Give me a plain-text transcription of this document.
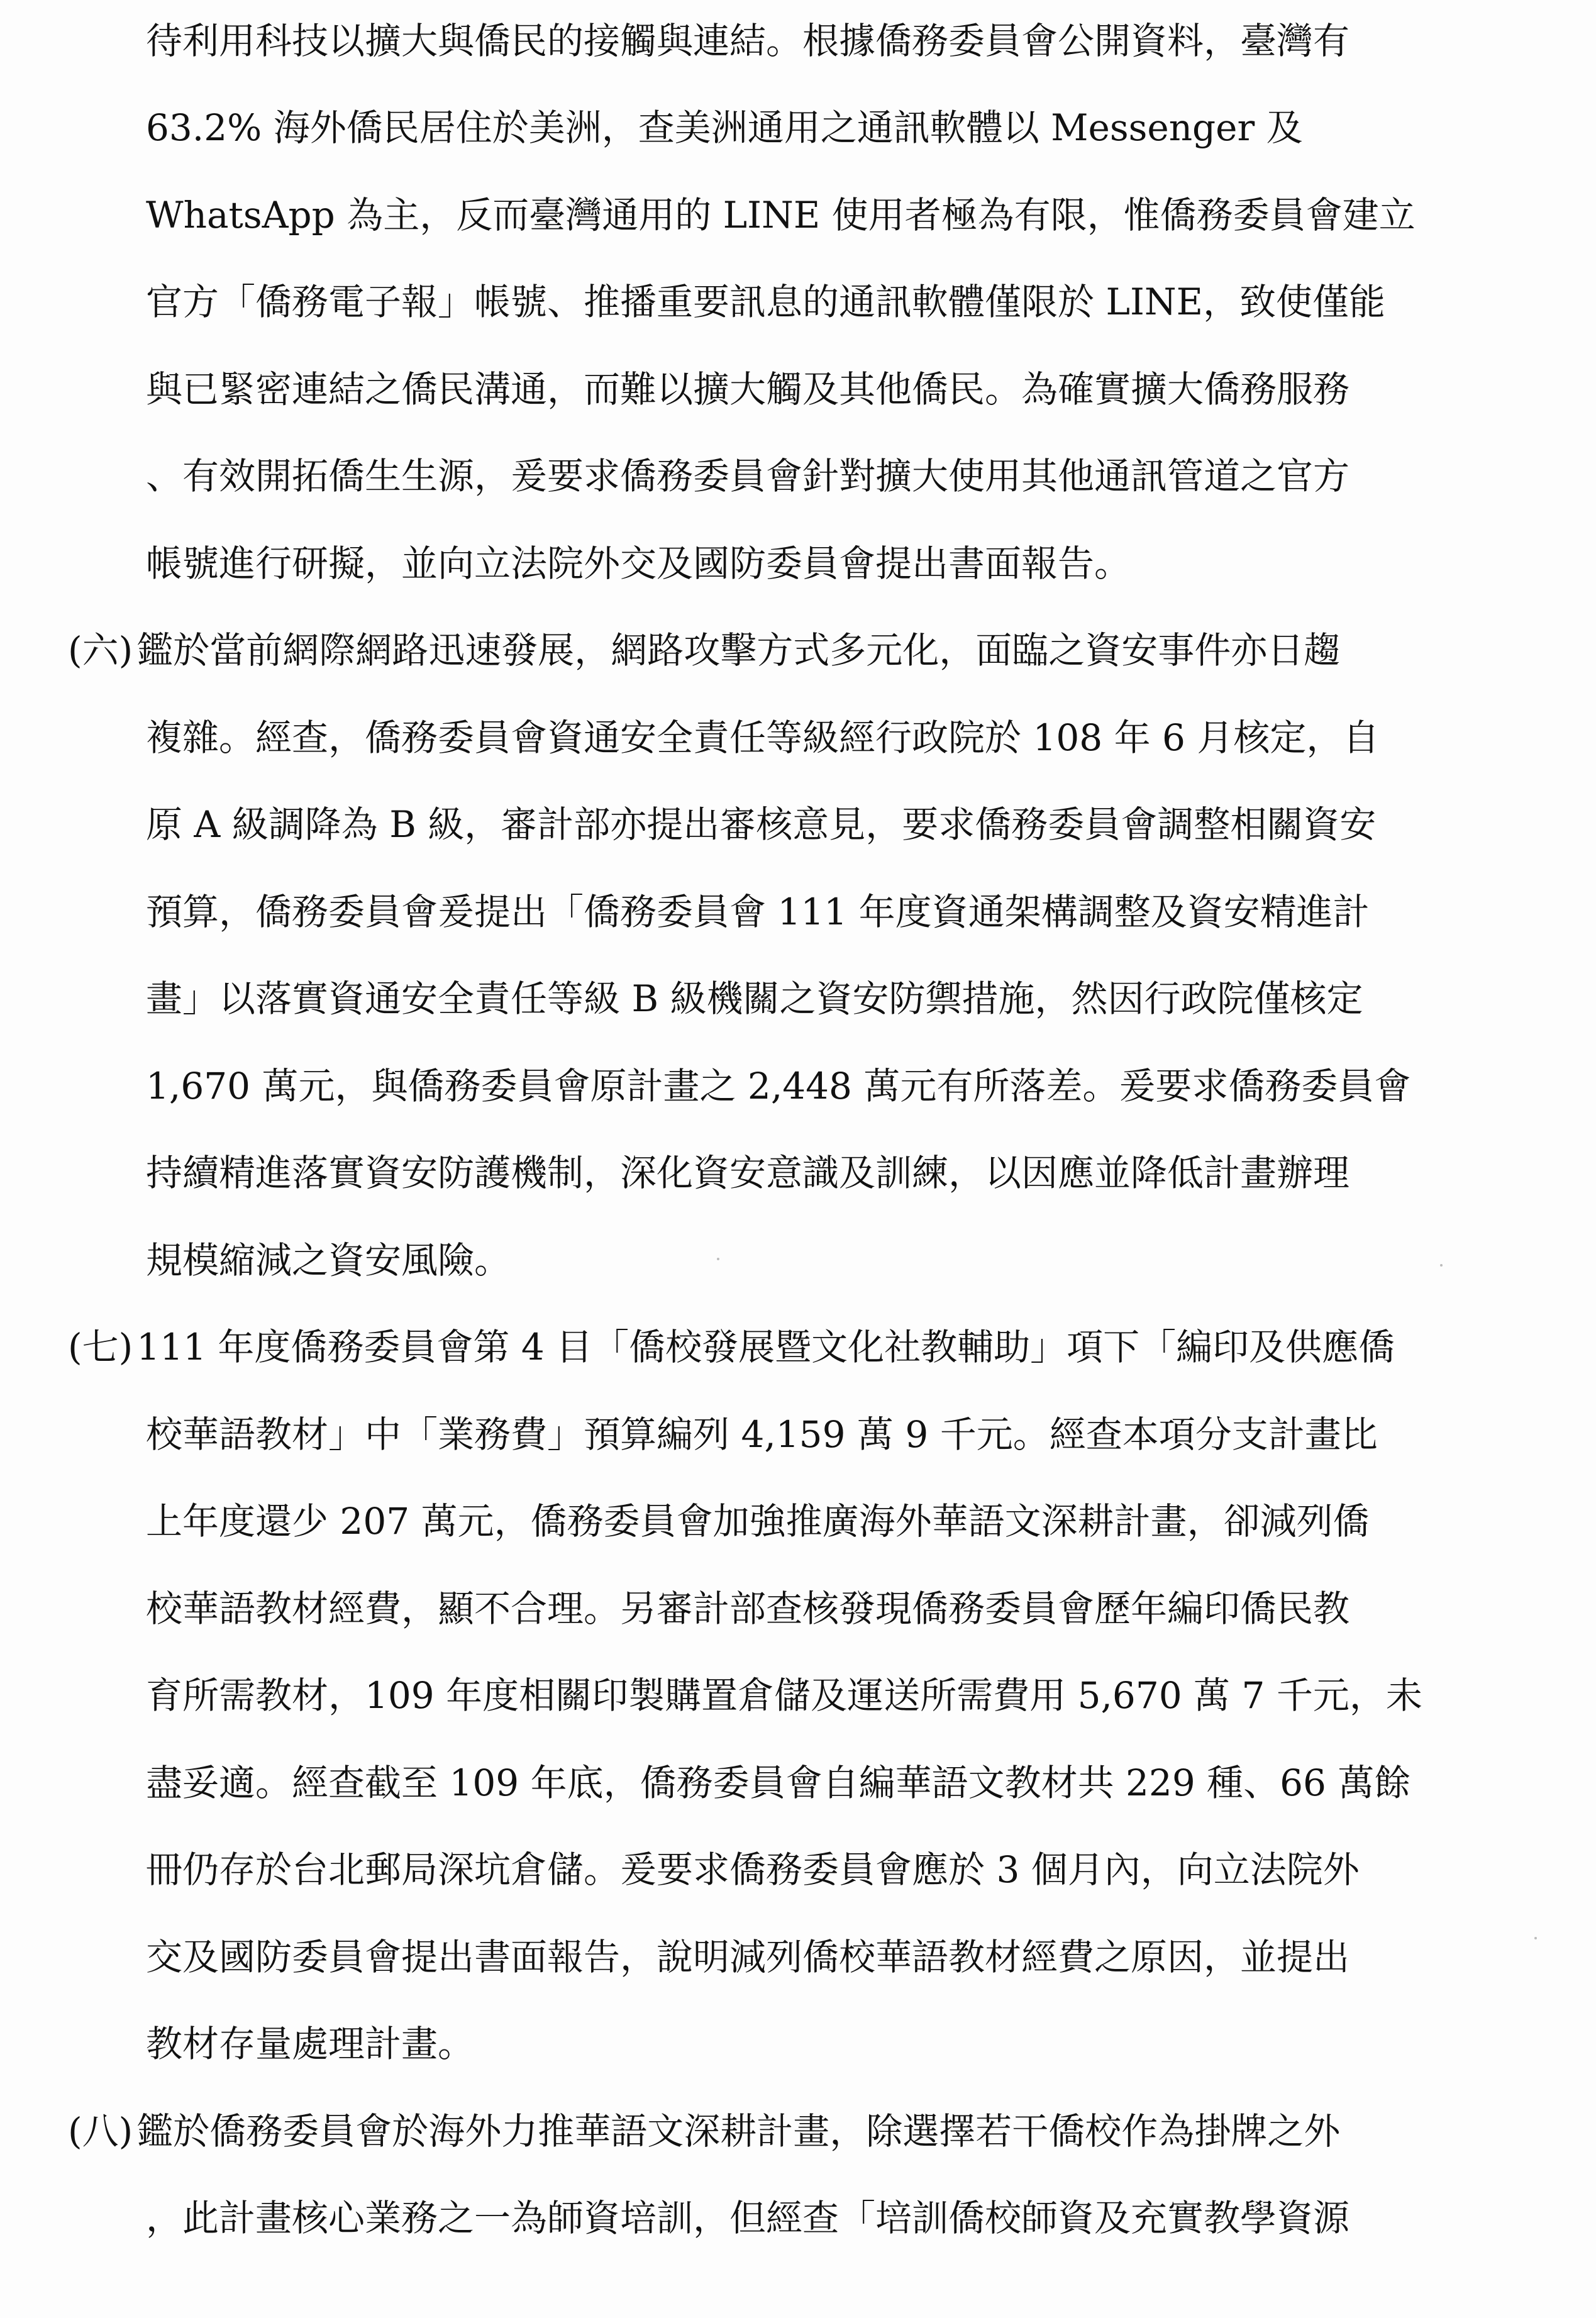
待利用科技以擴大與僑民的接觸與連結。根據僑務委員會公開資料，臺灣有

63.2% 海外僑民居住於美洲，查美洲通用之通訊軟體以 Messenger 及

WhatsApp 為主，反而臺灣通用的 LINE 使用者極為有限，惟僑務委員會建立

官方「僑務電子報」帳號、推播重要訊息的通訊軟體僅限於 LINE，致使僅能

與已緊密連結之僑民溝通，而難以擴大觸及其他僑民。為確實擴大僑務服務

、有效開拓僑生生源，爰要求僑務委員會針對擴大使用其他通訊管道之官方

帳號進行研擬，並向立法院外交及國防委員會提出書面報告。

(六) 鑑於當前網際網路迅速發展，網路攻擊方式多元化，面臨之資安事件亦日趨

複雜。經查，僑務委員會資通安全責任等級經行政院於 108 年 6 月核定，自

原 A 級調降為 B 級，審計部亦提出審核意見，要求僑務委員會調整相關資安

預算，僑務委員會爰提出「僑務委員會 111 年度資通架構調整及資安精進計

畫」以落實資通安全責任等級 B 級機關之資安防禦措施，然因行政院僅核定

1,670 萬元，與僑務委員會原計畫之 2,448 萬元有所落差。爰要求僑務委員會

持續精進落實資安防護機制，深化資安意識及訓練，以因應並降低計畫辦理

規模縮減之資安風險。

(七) 111 年度僑務委員會第 4 目「僑校發展暨文化社教輔助」項下「編印及供應僑

校華語教材」中「業務費」預算編列 4,159 萬 9 千元。經查本項分支計畫比

上年度還少 207 萬元，僑務委員會加強推廣海外華語文深耕計畫，卻減列僑

校華語教材經費，顯不合理。另審計部查核發現僑務委員會歷年編印僑民教

育所需教材，109 年度相關印製購置倉儲及運送所需費用 5,670 萬 7 千元，未

盡妥適。經查截至 109 年底，僑務委員會自編華語文教材共 229 種、66 萬餘

冊仍存於台北郵局深坑倉儲。爰要求僑務委員會應於 3 個月內，向立法院外

交及國防委員會提出書面報告，說明減列僑校華語教材經費之原因，並提出

教材存量處理計畫。

(八) 鑑於僑務委員會於海外力推華語文深耕計畫，除選擇若干僑校作為掛牌之外

，此計畫核心業務之一為師資培訓，但經查「培訓僑校師資及充實教學資源
